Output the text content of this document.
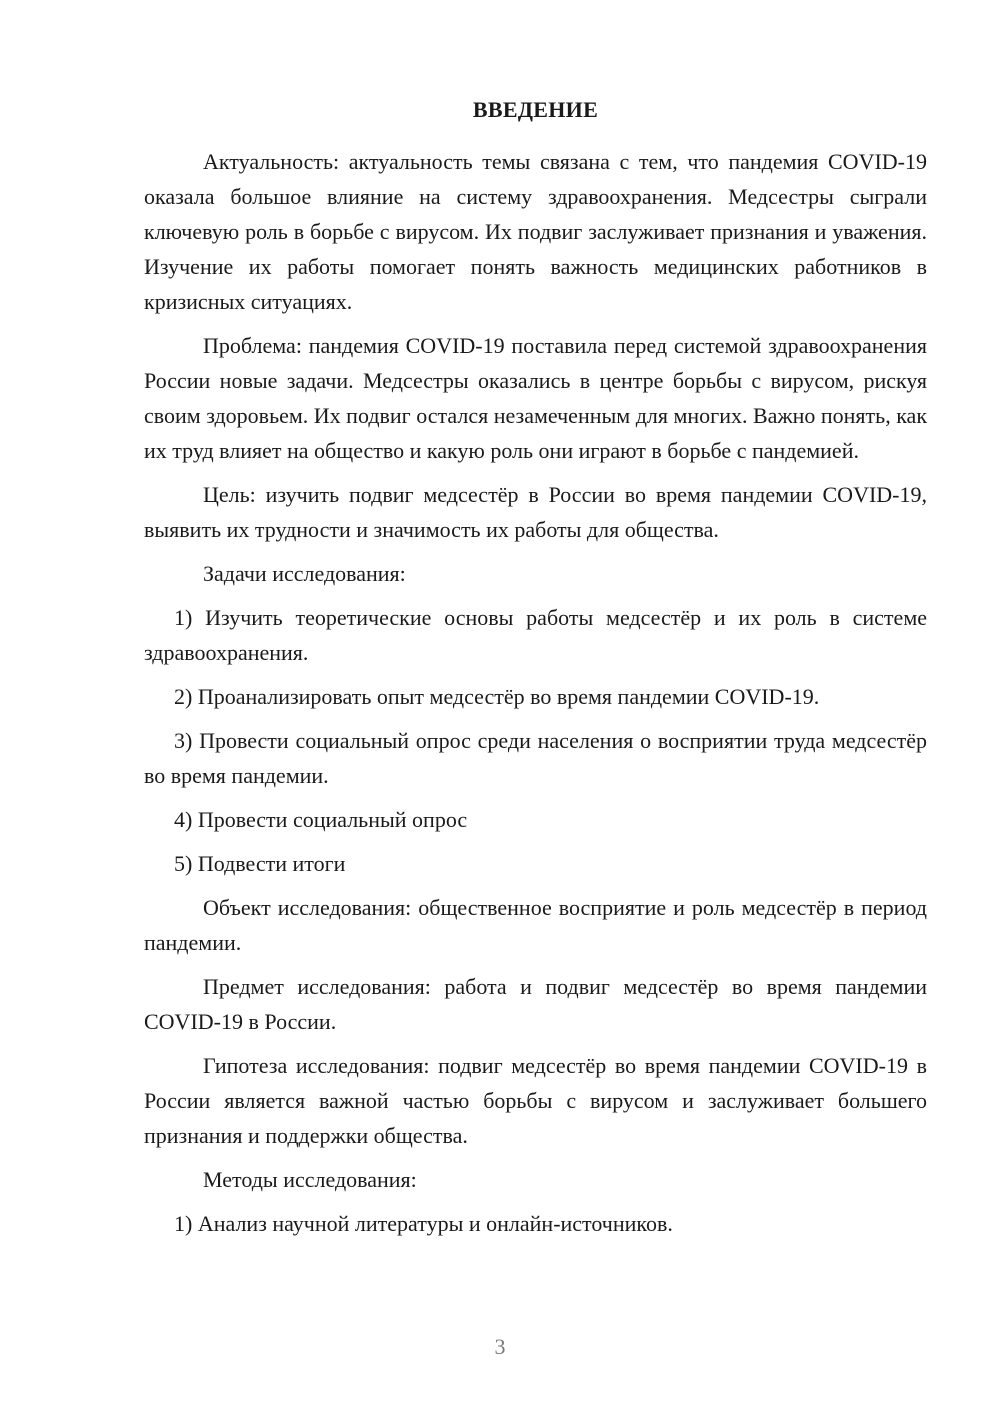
ВВЕДЕНИЕ

Актуальность: актуальность темы связана с тем, что пандемия COVID-19 оказала большое влияние на систему здравоохранения. Медсестры сыграли ключевую роль в борьбе с вирусом. Их подвиг заслуживает признания и уважения. Изучение их работы помогает понять важность медицинских работников в кризисных ситуациях.

Проблема: пандемия COVID-19 поставила перед системой здравоохранения России новые задачи. Медсестры оказались в центре борьбы с вирусом, рискуя своим здоровьем. Их подвиг остался незамеченным для многих. Важно понять, как их труд влияет на общество и какую роль они играют в борьбе с пандемией.

Цель: изучить подвиг медсестёр в России во время пандемии COVID-19, выявить их трудности и значимость их работы для общества.

Задачи исследования:

1) Изучить теоретические основы работы медсестёр и их роль в системе здравоохранения.

2) Проанализировать опыт медсестёр во время пандемии COVID-19.

3) Провести социальный опрос среди населения о восприятии труда медсестёр во время пандемии.

4) Провести социальный опрос

5) Подвести итоги

Объект исследования: общественное восприятие и роль медсестёр в период пандемии.

Предмет исследования: работа и подвиг медсестёр во время пандемии COVID-19 в России.

Гипотеза исследования: подвиг медсестёр во время пандемии COVID-19 в России является важной частью борьбы с вирусом и заслуживает большего признания и поддержки общества.

Методы исследования:

1) Анализ научной литературы и онлайн-источников.

3
